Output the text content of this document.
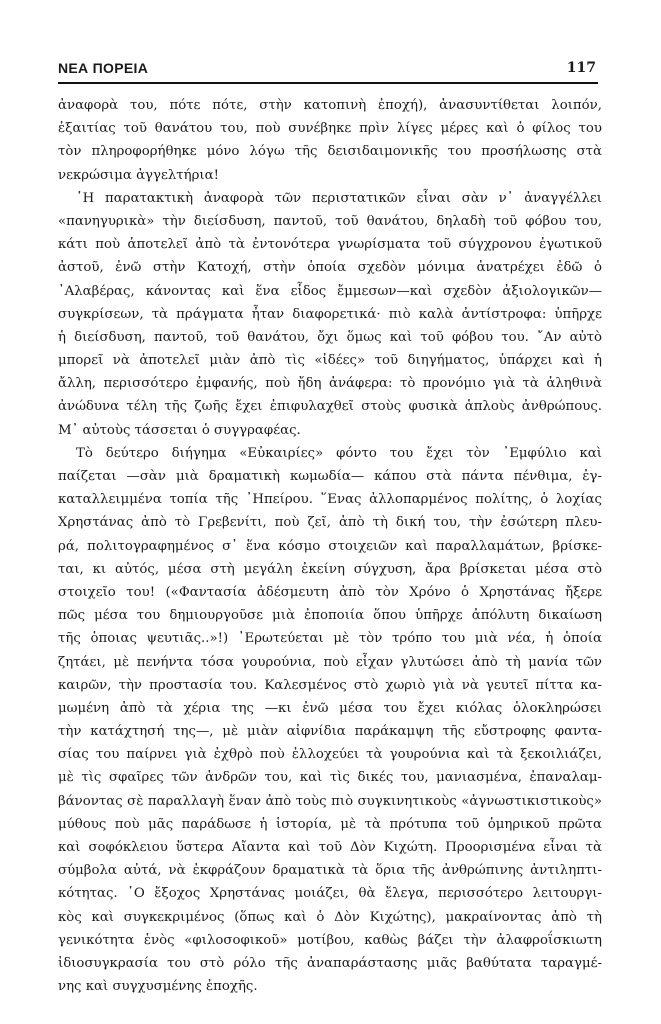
ΝΕΑ ΠΟΡΕΙΑ	117
ἀναφορὰ του, πότε πότε, στὴν κατοπινὴ ἐποχή), ἀνασυντίθεται λοιπόν,
ἐξαιτίας τοῦ θανάτου του, ποὺ συνέβηκε πρὶν λίγες μέρες καὶ ὁ φίλος του
τὸν πληροφορήθηκε μόνο λόγω τῆς δεισιδαιμονικῆς του προσήλωσης στὰ
νεκρώσιμα ἀγγελτήρια!
῾Η παρατακτικὴ ἀναφορὰ τῶν περιστατικῶν εἶναι σὰν ν᾿ ἀναγγέλλει
«πανηγυρικὰ» τὴν διείσδυση, παντοῦ, τοῦ θανάτου, δηλαδὴ τοῦ φόβου του,
κάτι ποὺ ἀποτελεῖ ἀπὸ τὰ ἐντονότερα γνωρίσματα τοῦ σύγχρονου ἐγωτικοῦ
ἀστοῦ, ἐνῶ στὴν Κατοχή, στὴν ὁποία σχεδὸν μόνιμα ἀνατρέχει ἐδῶ ὁ
᾿Αλαβέρας, κάνοντας καὶ ἕνα εἶδος ἔμμεσων—καὶ σχεδὸν ἀξιολογικῶν—
συγκρίσεων, τὰ πράγματα ἦταν διαφορετικά· πιὸ καλὰ ἀντίστροφα: ὑπῆρχε
ἡ διείσδυση, παντοῦ, τοῦ θανάτου, ὄχι ὅμως καὶ τοῦ φόβου του. ῎Αν αὐτὸ
μπορεῖ νὰ ἀποτελεῖ μιὰν ἀπὸ τὶς «ἰδέες» τοῦ διηγήματος, ὑπάρχει καὶ ἡ
ἄλλη, περισσότερο ἐμφανής, ποὺ ἤδη ἀνάφερα: τὸ προνόμιο γιὰ τὰ ἀληθινὰ
ἀνώδυνα τέλη τῆς ζωῆς ἔχει ἐπιφυλαχθεῖ στοὺς φυσικὰ ἁπλοὺς ἀνθρώπους.
Μ᾿ αὐτοὺς τάσσεται ὁ συγγραφέας.
Τὸ δεύτερο διήγημα «Εὐκαιρίες» φόντο του ἔχει τὸν ᾿Εμφύλιο καὶ
παίζεται —σὰν μιὰ δραματικὴ κωμωδία— κάπου στὰ πάντα πένθιμα, ἐγ-
καταλλειμμένα τοπία τῆς ᾿Ηπείρου. ῞Ενας ἀλλοπαρμένος πολίτης, ὁ λοχίας
Χρηστάνας ἀπὸ τὸ Γρεβενίτι, ποὺ ζεῖ, ἀπὸ τὴ δική του, τὴν ἐσώτερη πλευ-
ρά, πολιτογραφημένος σ᾿ ἕνα κόσμο στοιχειῶν καὶ παραλλαμάτων, βρίσκε-
ται, κι αὐτός, μέσα στὴ μεγάλη ἐκείνη σύγχυση, ἄρα βρίσκεται μέσα στὸ
στοιχεῖο του! («Φαντασία ἀδέσμευτη ἀπὸ τὸν Χρόνο ὁ Χρηστάνας ἤξερε
πῶς μέσα του δημιουργοῦσε μιὰ ἐποποιία ὅπου ὑπῆρχε ἀπόλυτη δικαίωση
τῆς ὁποιας ψευτιᾶς..»!) ᾿Ερωτεύεται μὲ τὸν τρόπο του μιὰ νέα, ἡ ὁποία
ζητάει, μὲ πενήντα τόσα γουρούνια, ποὺ εἶχαν γλυτώσει ἀπὸ τὴ μανία τῶν
καιρῶν, τὴν προστασία του. Καλεσμένος στὸ χωριὸ γιὰ νὰ γευτεῖ πίττα κα-
μωμένη ἀπὸ τὰ χέρια της —κι ἐνῶ μέσα του ἔχει κιόλας ὁλοκληρώσει
τὴν κατάχτησή της—, μὲ μιὰν αἰφνίδια παράκαμψη τῆς εὔστροφης φαντα-
σίας του παίρνει γιὰ ἐχθρὸ ποὺ ἐλλοχεύει τὰ γουρούνια καὶ τὰ ξεκοιλιάζει,
μὲ τὶς σφαῖρες τῶν ἀνδρῶν του, καὶ τὶς δικές του, μανιασμένα, ἐπαναλαμ-
βάνοντας σὲ παραλλαγὴ ἕναν ἀπὸ τοὺς πιὸ συγκινητικοὺς «ἀγνωστικιστικοὺς»
μύθους ποὺ μᾶς παράδωσε ἡ ἱστορία, μὲ τὰ πρότυπα τοῦ ὁμηρικοῦ πρῶτα
καὶ σοφόκλειου ὕστερα Αἴαντα καὶ τοῦ Δὸν Κιχώτη. Προορισμένα εἶναι τὰ
σύμβολα αὐτά, νὰ ἐκφράζουν δραματικὰ τὰ ὅρια τῆς ἀνθρώπινης ἀντιληπτι-
κότητας. ῾Ο ἔξοχος Χρηστάνας μοιάζει, θὰ ἔλεγα, περισσότερο λειτουργι-
κὸς καὶ συγκεκριμένος (ὅπως καὶ ὁ Δὸν Κιχώτης), μακραίνοντας ἀπὸ τὴ
γενικότητα ἑνὸς «φιλοσοφικοῦ» μοτίβου, καθὼς βάζει τὴν ἀλαφροΐσκιωτη
ἰδιοσυγκρασία του στὸ ρόλο τῆς ἀναπαράστασης μιᾶς βαθύτατα ταραγμέ-
νης καὶ συγχυσμένης ἐποχῆς.
